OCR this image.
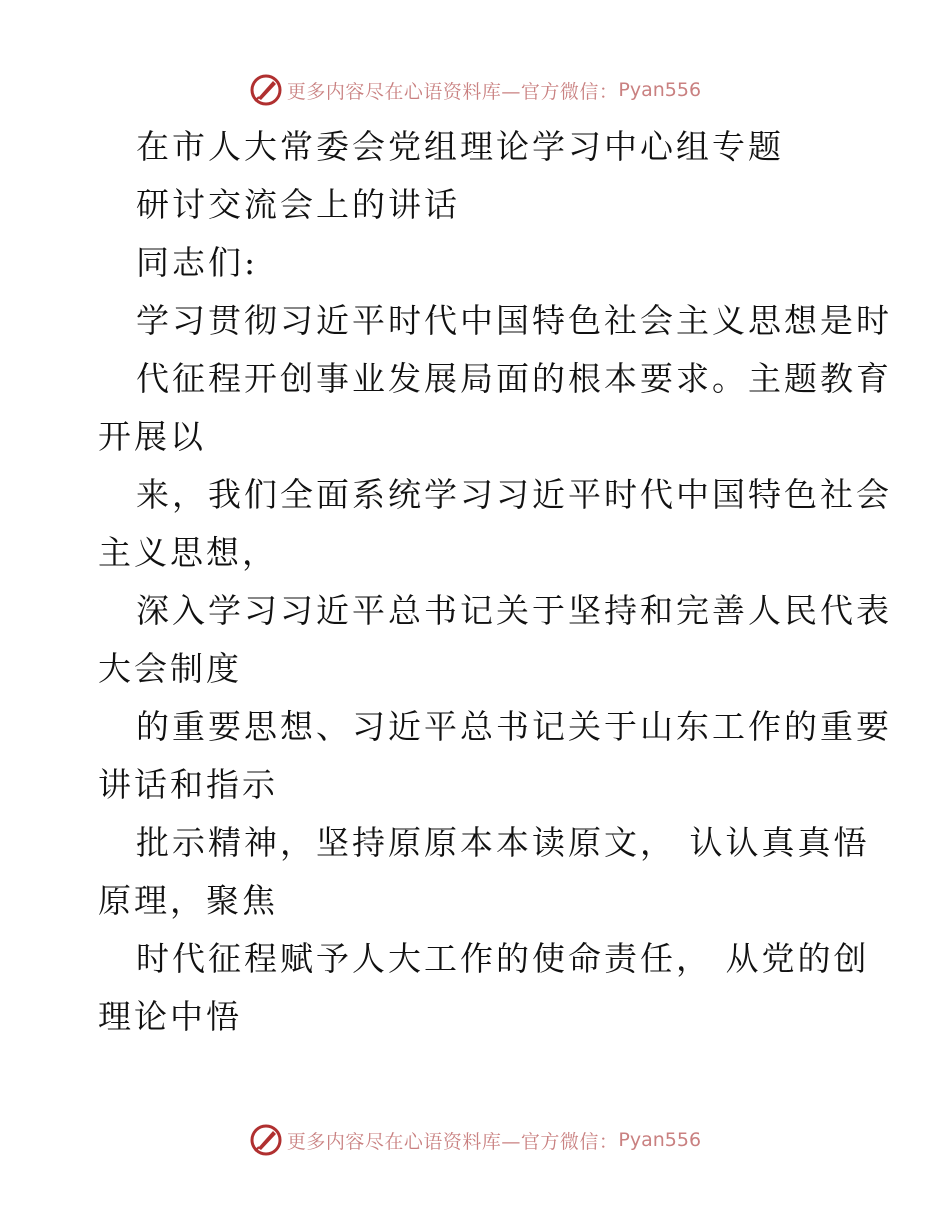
更多内容尽在心语资料库—官方微信： Pyan556
在市人大常委会党组理论学习中心组专题
研讨交流会上的讲话
同志们:
学习贯彻习近平时代中国特色社会主义思想是时
代征程开创事业发展局面的根本要求。主题教育
开展以
来，我们全面系统学习习近平时代中国特色社会
主义思想，
深入学习习近平总书记关于坚持和完善人民代表
大会制度
的重要思想、习近平总书记关于山东工作的重要
讲话和指示
批示精神，坚持原原本本读原文， 认认真真悟
原理，聚焦
时代征程赋予人大工作的使命责任， 从党的创
理论中悟
更多内容尽在心语资料库—官方微信： Pyan556
